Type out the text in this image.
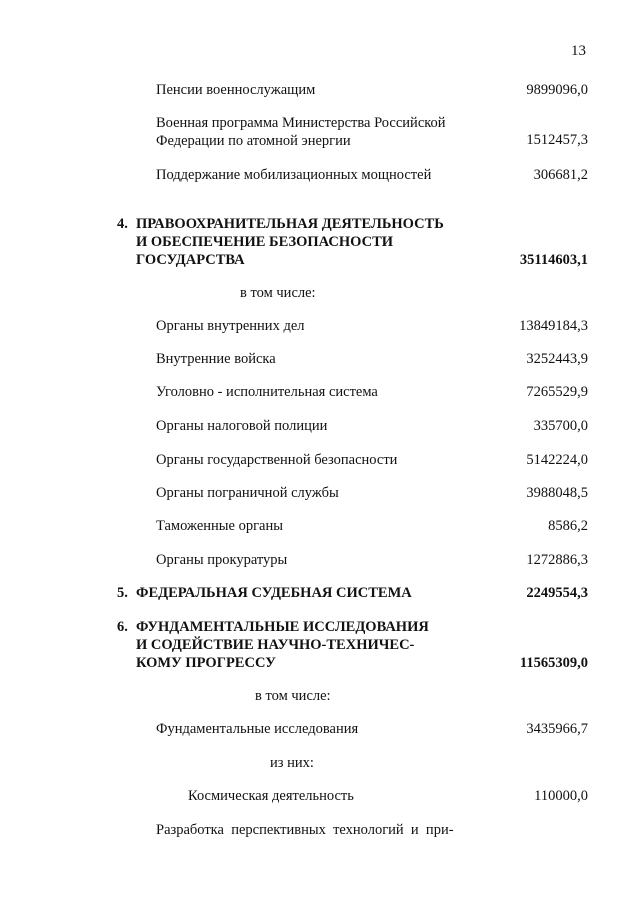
13
Пенсии военнослужащим	9899096,0
Военная программа Министерства Российской
Федерации по атомной энергии	1512457,3
Поддержание мобилизационных мощностей	306681,2
4. ПРАВООХРАНИТЕЛЬНАЯ ДЕЯТЕЛЬНОСТЬ
И ОБЕСПЕЧЕНИЕ БЕЗОПАСНОСТИ
ГОСУДАРСТВА	35114603,1
в том числе:
Органы внутренних дел	13849184,3
Внутренние войска	3252443,9
Уголовно - исполнительная система	7265529,9
Органы налоговой полиции	335700,0
Органы государственной безопасности	5142224,0
Органы пограничной службы	3988048,5
Таможенные органы	8586,2
Органы прокуратуры	1272886,3
5. ФЕДЕРАЛЬНАЯ СУДЕБНАЯ СИСТЕМА	2249554,3
6. ФУНДАМЕНТАЛЬНЫЕ ИССЛЕДОВАНИЯ
И СОДЕЙСТВИЕ НАУЧНО-ТЕХНИЧЕС-
КОМУ ПРОГРЕССУ	11565309,0
в том числе:
Фундаментальные исследования	3435966,7
из них:
Космическая деятельность	110000,0
Разработка  перспективных  технологий  и  при-
